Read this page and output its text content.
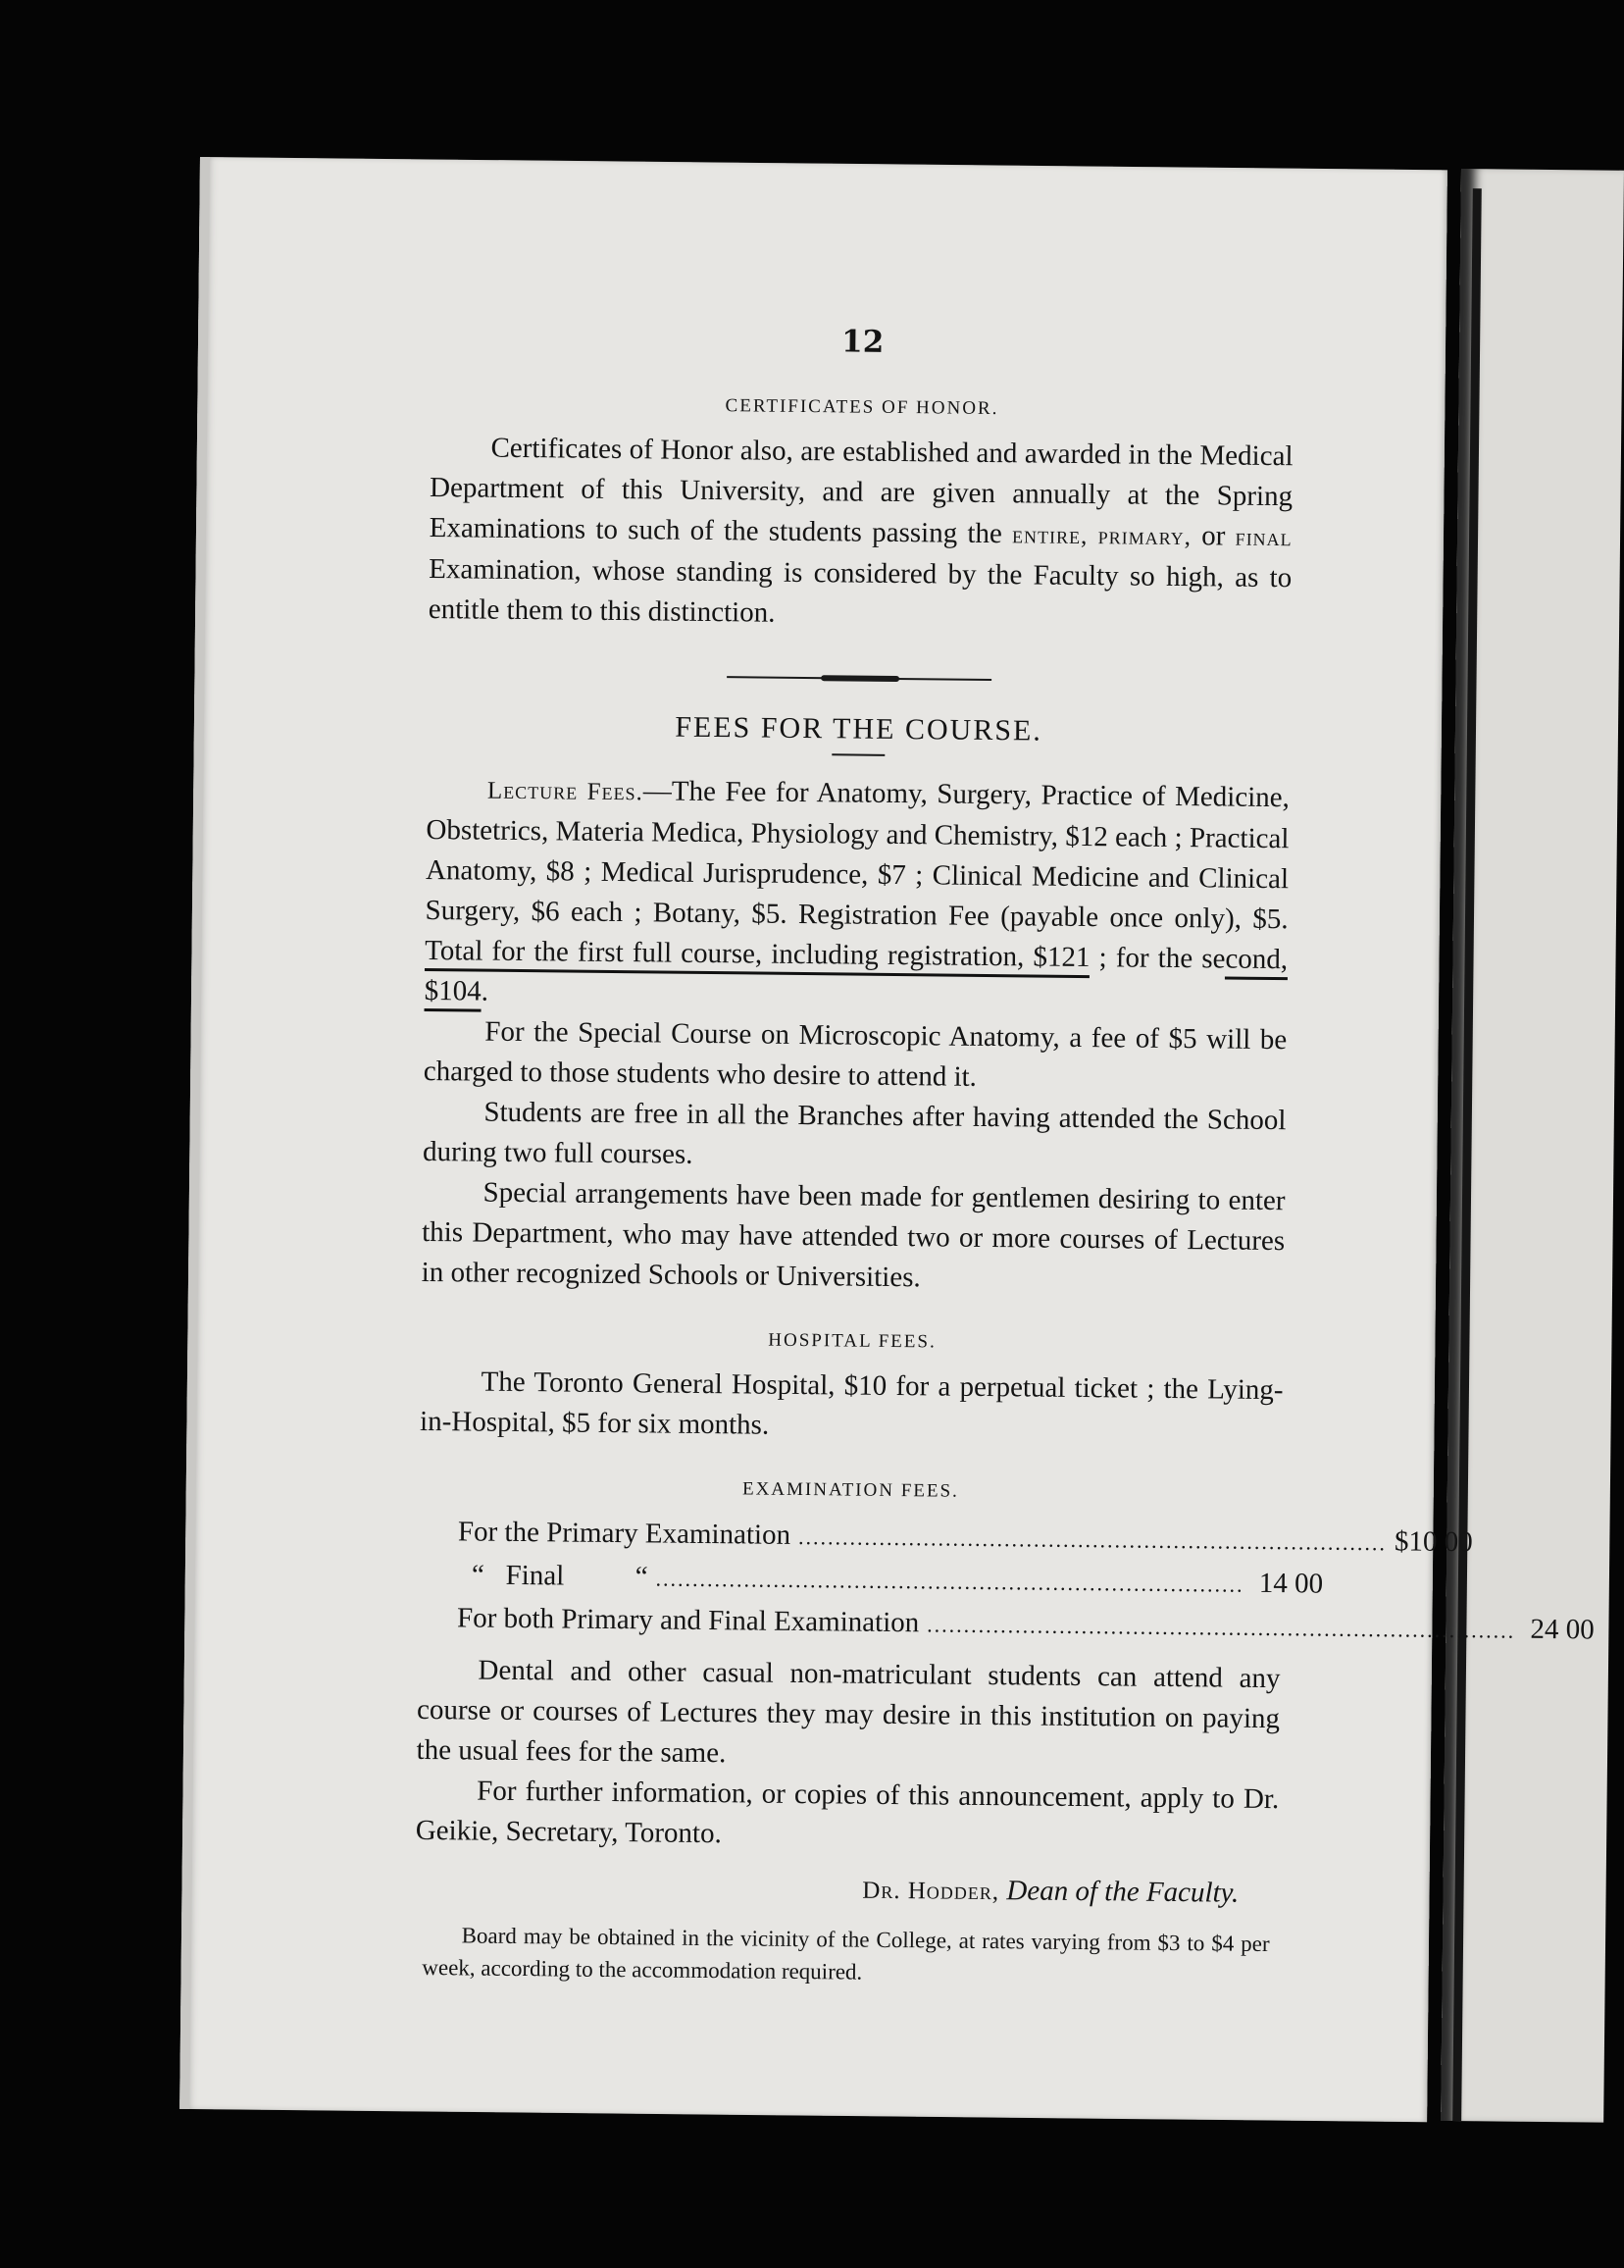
12
CERTIFICATES OF HONOR.

Certificates of Honor also, are established and awarded in the Medical Department of this University, and are given annually at the Spring Examinations to such of the students passing the entire, primary, or final Examination, whose standing is considered by the Faculty so high, as to entitle them to this distinction.

FEES FOR THE COURSE.

Lecture Fees.—The Fee for Anatomy, Surgery, Practice of Medicine, Obstetrics, Materia Medica, Physiology and Chemistry, $12 each ; Practical Anatomy, $8 ; Medical Jurisprudence, $7 ; Clinical Medicine and Clinical Surgery, $6 each ; Botany, $5. Registration Fee (payable once only), $5. Total for the first full course, including registration, $121 ; for the second, $104.

For the Special Course on Microscopic Anatomy, a fee of $5 will be charged to those students who desire to attend it.

Students are free in all the Branches after having attended the School during two full courses.

Special arrangements have been made for gentlemen desiring to enter this Department, who may have attended two or more courses of Lectures in other recognized Schools or Universities.

HOSPITAL FEES.

The Toronto General Hospital, $10 for a perpetual ticket ; the Lying-in-Hospital, $5 for six months.

EXAMINATION FEES.
For the Primary Examination ................................................................................ $10 00
“   Final          “ ................................................................................ 14 00
For both Primary and Final Examination ................................................................................ 24 00

Dental and other casual non-matriculant students can attend any course or courses of Lectures they may desire in this institution on paying the usual fees for the same.

For further information, or copies of this announcement, apply to Dr. Geikie, Secretary, Toronto.

Dr. Hodder, Dean of the Faculty.

Board may be obtained in the vicinity of the College, at rates varying from $3 to $4 per week, according to the accommodation required.
